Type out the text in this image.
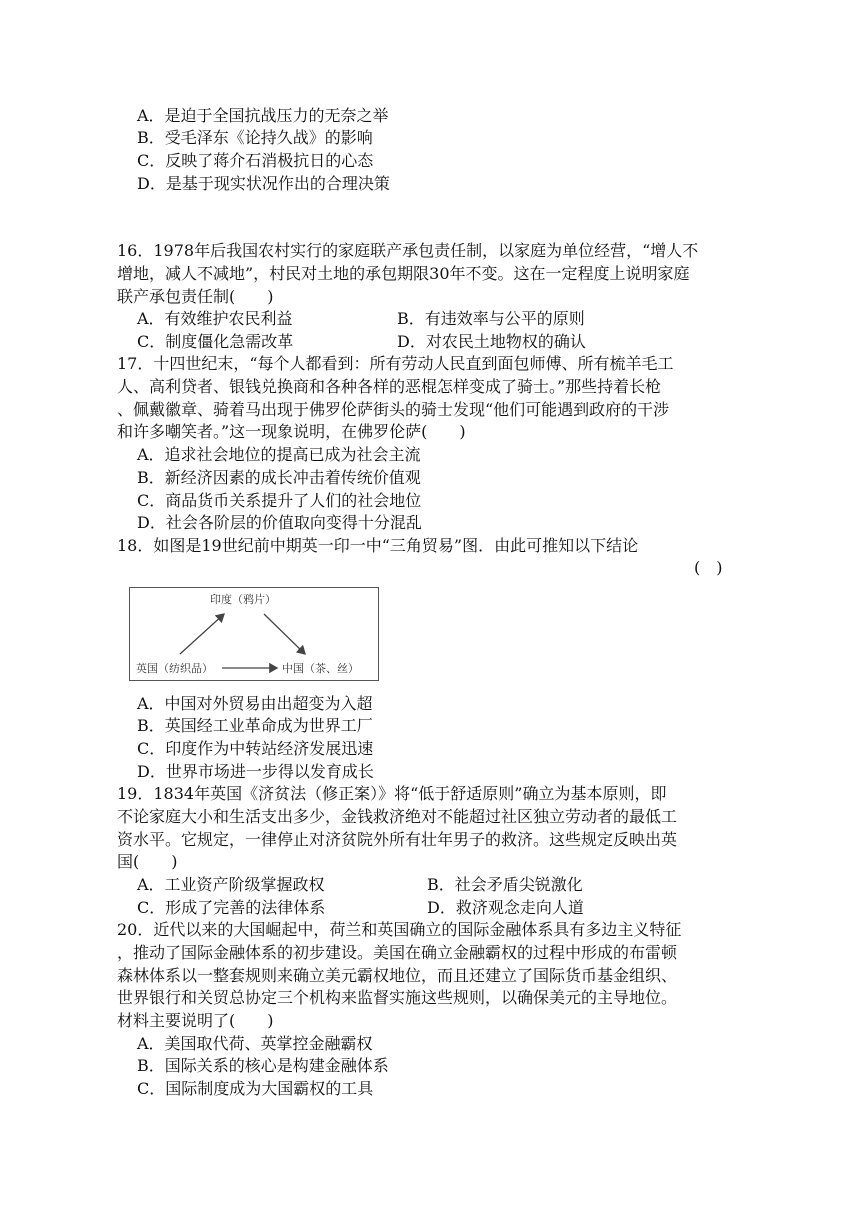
A．是迫于全国抗战压力的无奈之举
B．受毛泽东《论持久战》的影响
C．反映了蒋介石消极抗日的心态
D．是基于现实状况作出的合理决策
16．1978年后我国农村实行的家庭联产承包责任制，以家庭为单位经营，“增人不
增地，减人不减地”，村民对土地的承包期限30年不变。这在一定程度上说明家庭
联产承包责任制(　　)
A．有效维护农民利益	B．有违效率与公平的原则
C．制度僵化急需改革	D．对农民土地物权的确认
17．十四世纪末，“每个人都看到：所有劳动人民直到面包师傅、所有梳羊毛工
人、高利贷者、银钱兑换商和各种各样的恶棍怎样变成了骑士。”那些持着长枪
、佩戴徽章、骑着马出现于佛罗伦萨街头的骑士发现“他们可能遇到政府的干涉
和许多嘲笑者。”这一现象说明，在佛罗伦萨(　　)
A．追求社会地位的提高已成为社会主流
B．新经济因素的成长冲击着传统价值观
C．商品货币关系提升了人们的社会地位
D．社会各阶层的价值取向变得十分混乱
18．如图是19世纪前中期英一印一中“三角贸易”图．由此可推知以下结论
(　)
印度（鸦片）
英国（纺织品）	中国（茶、丝）
A．中国对外贸易由出超变为入超
B．英国经工业革命成为世界工厂
C．印度作为中转站经济发展迅速
D．世界市场进一步得以发育成长
19．1834年英国《济贫法（修正案）》将“低于舒适原则”确立为基本原则，即
不论家庭大小和生活支出多少，金钱救济绝对不能超过社区独立劳动者的最低工
资水平。它规定，一律停止对济贫院外所有壮年男子的救济。这些规定反映出英
国(　　)
A．工业资产阶级掌握政权	B．社会矛盾尖锐激化
C．形成了完善的法律体系	D．救济观念走向人道
20．近代以来的大国崛起中，荷兰和英国确立的国际金融体系具有多边主义特征
，推动了国际金融体系的初步建设。美国在确立金融霸权的过程中形成的布雷顿
森林体系以一整套规则来确立美元霸权地位，而且还建立了国际货币基金组织、
世界银行和关贸总协定三个机构来监督实施这些规则，以确保美元的主导地位。
材料主要说明了(　　)
A．美国取代荷、英掌控金融霸权
B．国际关系的核心是构建金融体系
C．国际制度成为大国霸权的工具
